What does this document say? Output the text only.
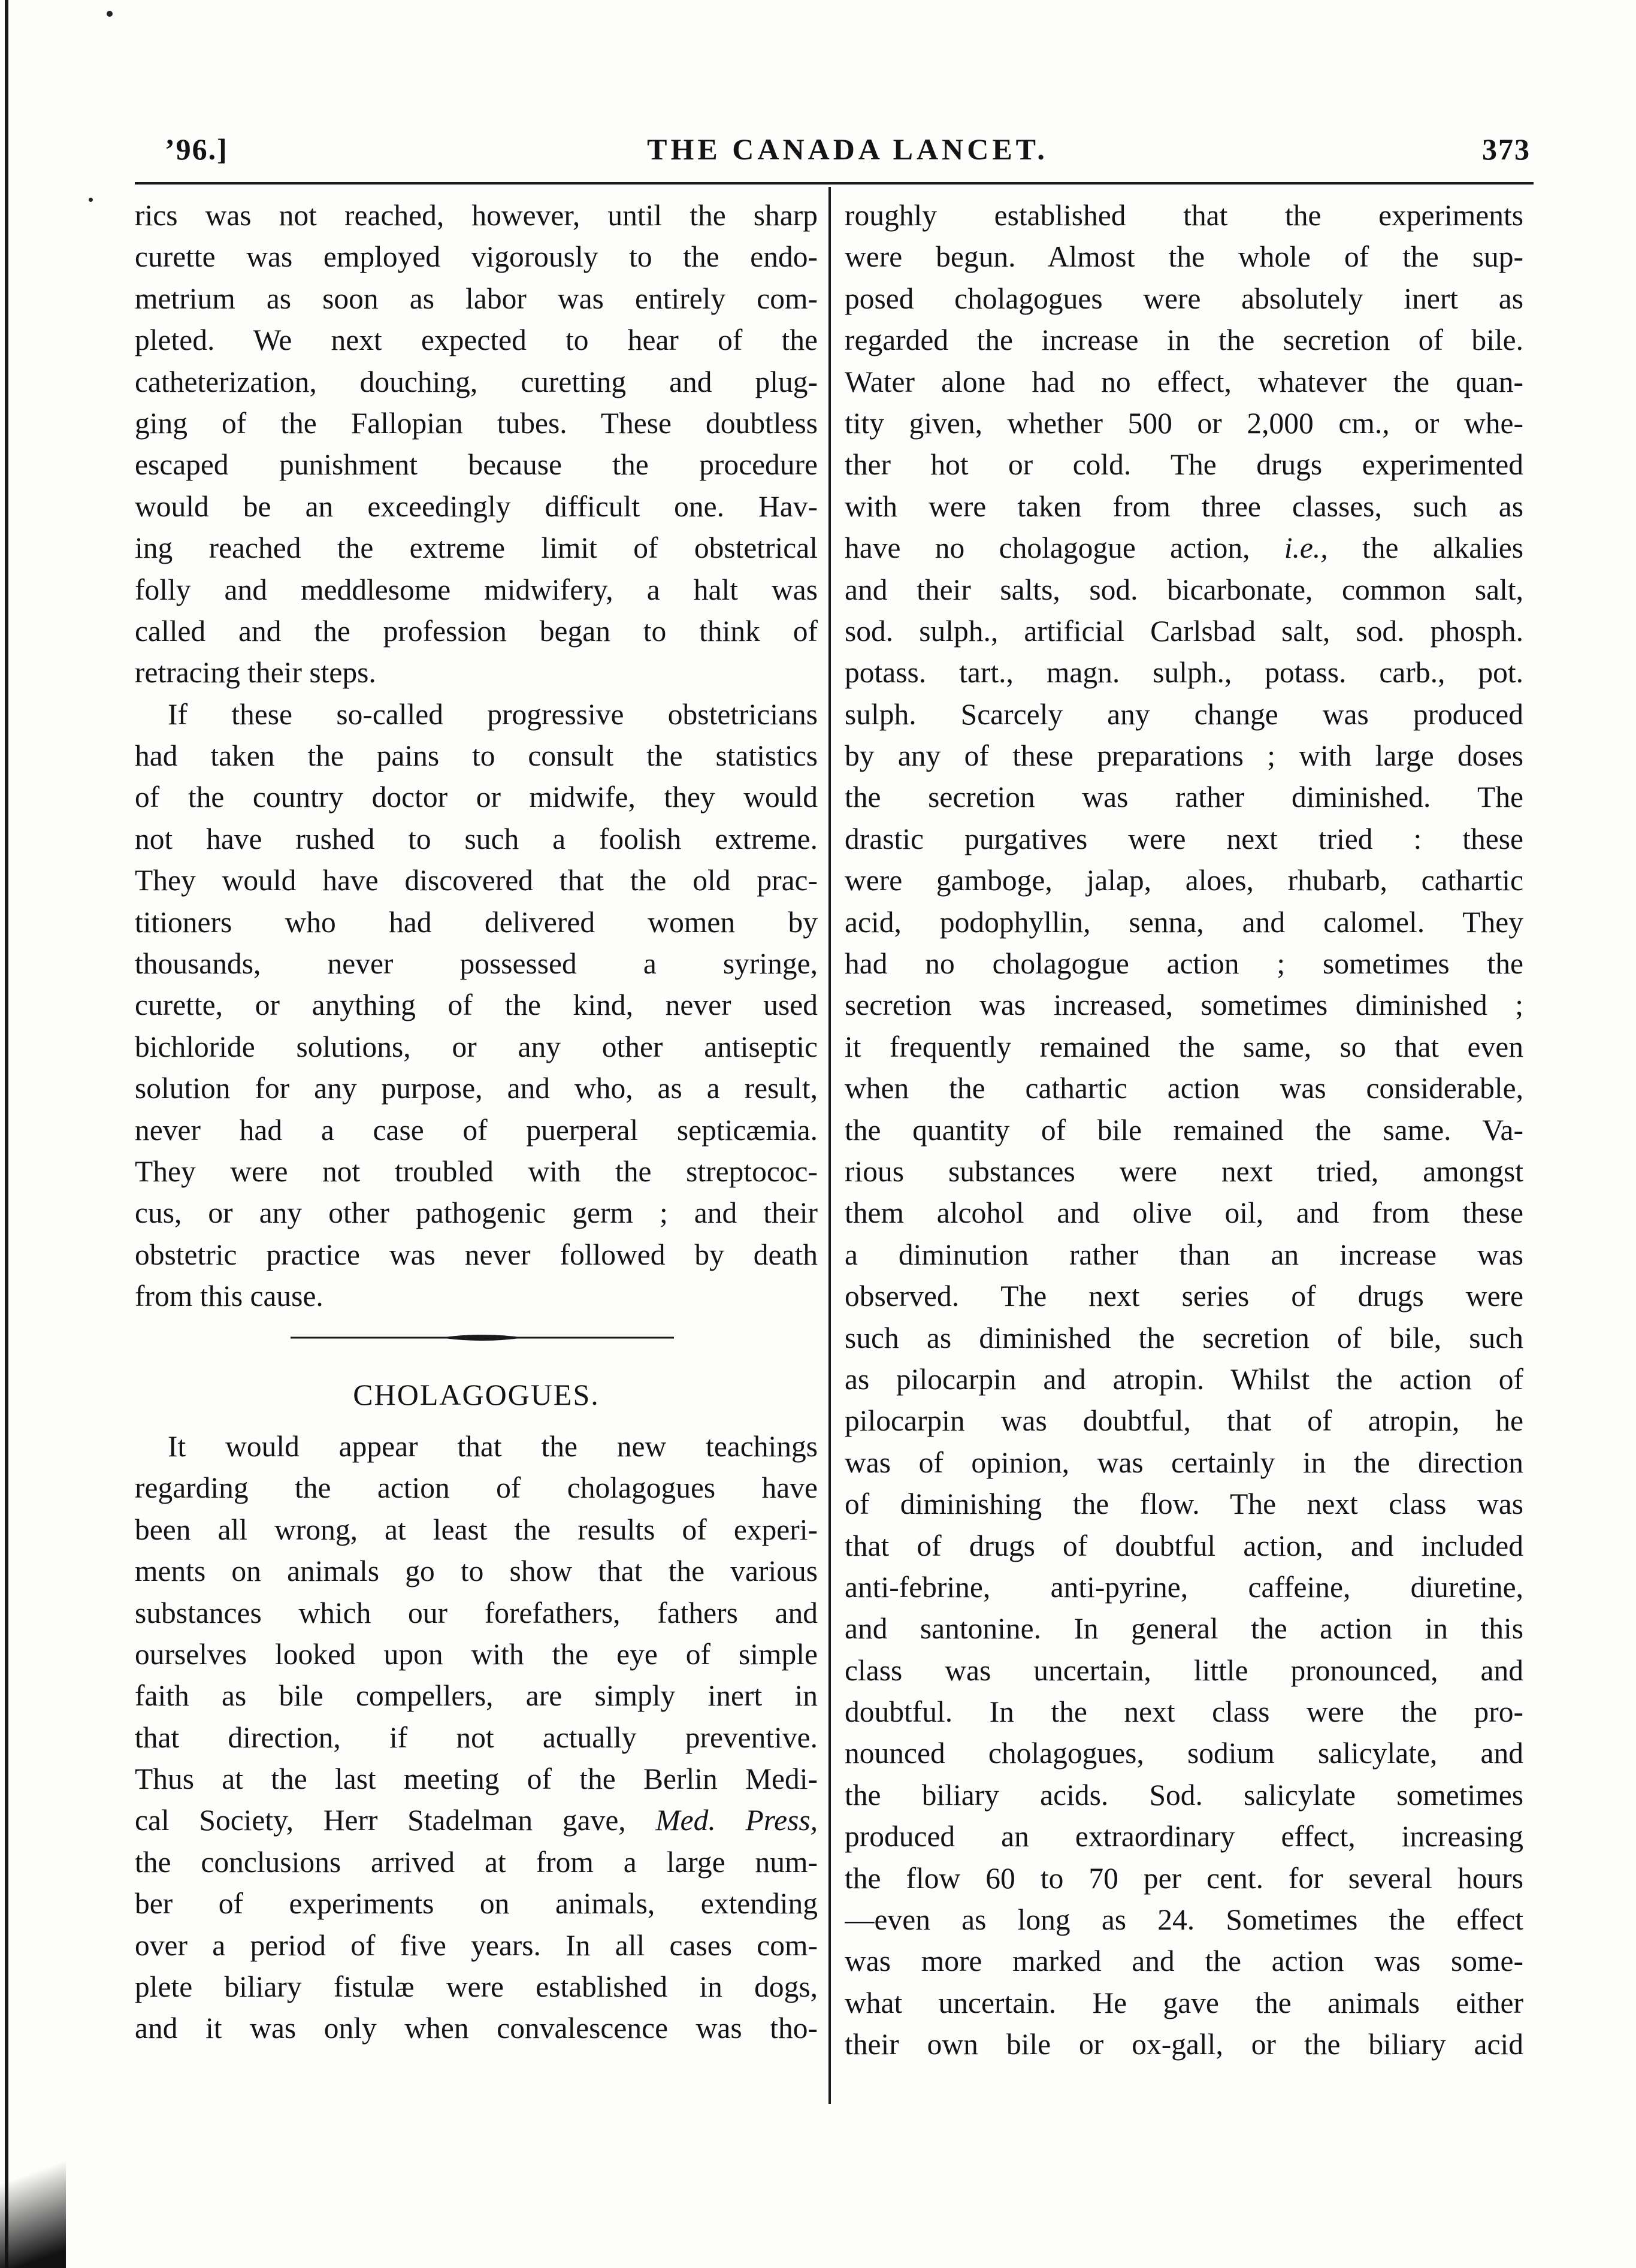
’96.]	THE CANADA LANCET.	373
rics was not reached, however, until the sharp
curette was employed vigorously to the endo-
metrium as soon as labor was entirely com-
pleted. We next expected to hear of the
catheterization, douching, curetting and plug-
ging of the Fallopian tubes. These doubtless
escaped punishment because the procedure
would be an exceedingly difficult one. Hav-
ing reached the extreme limit of obstetrical
folly and meddlesome midwifery, a halt was
called and the profession began to think of
retracing their steps.
If these so-called progressive obstetricians
had taken the pains to consult the statistics
of the country doctor or midwife, they would
not have rushed to such a foolish extreme.
They would have discovered that the old prac-
titioners who had delivered women by
thousands, never possessed a syringe,
curette, or anything of the kind, never used
bichloride solutions, or any other antiseptic
solution for any purpose, and who, as a result,
never had a case of puerperal septicæmia.
They were not troubled with the streptococ-
cus, or any other pathogenic germ ; and their
obstetric practice was never followed by death
from this cause.
CHOLAGOGUES.
It would appear that the new teachings
regarding the action of cholagogues have
been all wrong, at least the results of experi-
ments on animals go to show that the various
substances which our forefathers, fathers and
ourselves looked upon with the eye of simple
faith as bile compellers, are simply inert in
that direction, if not actually preventive.
Thus at the last meeting of the Berlin Medi-
cal Society, Herr Stadelman gave, Med. Press,
the conclusions arrived at from a large num-
ber of experiments on animals, extending
over a period of five years. In all cases com-
plete biliary fistulæ were established in dogs,
and it was only when convalescence was tho-
roughly established that the experiments
were begun. Almost the whole of the sup-
posed cholagogues were absolutely inert as
regarded the increase in the secretion of bile.
Water alone had no effect, whatever the quan-
tity given, whether 500 or 2,000 cm., or whe-
ther hot or cold. The drugs experimented
with were taken from three classes, such as
have no cholagogue action, i.e., the alkalies
and their salts, sod. bicarbonate, common salt,
sod. sulph., artificial Carlsbad salt, sod. phosph.
potass. tart., magn. sulph., potass. carb., pot.
sulph. Scarcely any change was produced
by any of these preparations ; with large doses
the secretion was rather diminished. The
drastic purgatives were next tried : these
were gamboge, jalap, aloes, rhubarb, cathartic
acid, podophyllin, senna, and calomel. They
had no cholagogue action ; sometimes the
secretion was increased, sometimes diminished ;
it frequently remained the same, so that even
when the cathartic action was considerable,
the quantity of bile remained the same. Va-
rious substances were next tried, amongst
them alcohol and olive oil, and from these
a diminution rather than an increase was
observed. The next series of drugs were
such as diminished the secretion of bile, such
as pilocarpin and atropin. Whilst the action of
pilocarpin was doubtful, that of atropin, he
was of opinion, was certainly in the direction
of diminishing the flow. The next class was
that of drugs of doubtful action, and included
anti-febrine, anti-pyrine, caffeine, diuretine,
and santonine. In general the action in this
class was uncertain, little pronounced, and
doubtful. In the next class were the pro-
nounced cholagogues, sodium salicylate, and
the biliary acids. Sod. salicylate sometimes
produced an extraordinary effect, increasing
the flow 60 to 70 per cent. for several hours
—even as long as 24. Sometimes the effect
was more marked and the action was some-
what uncertain. He gave the animals either
their own bile or ox-gall, or the biliary acid
